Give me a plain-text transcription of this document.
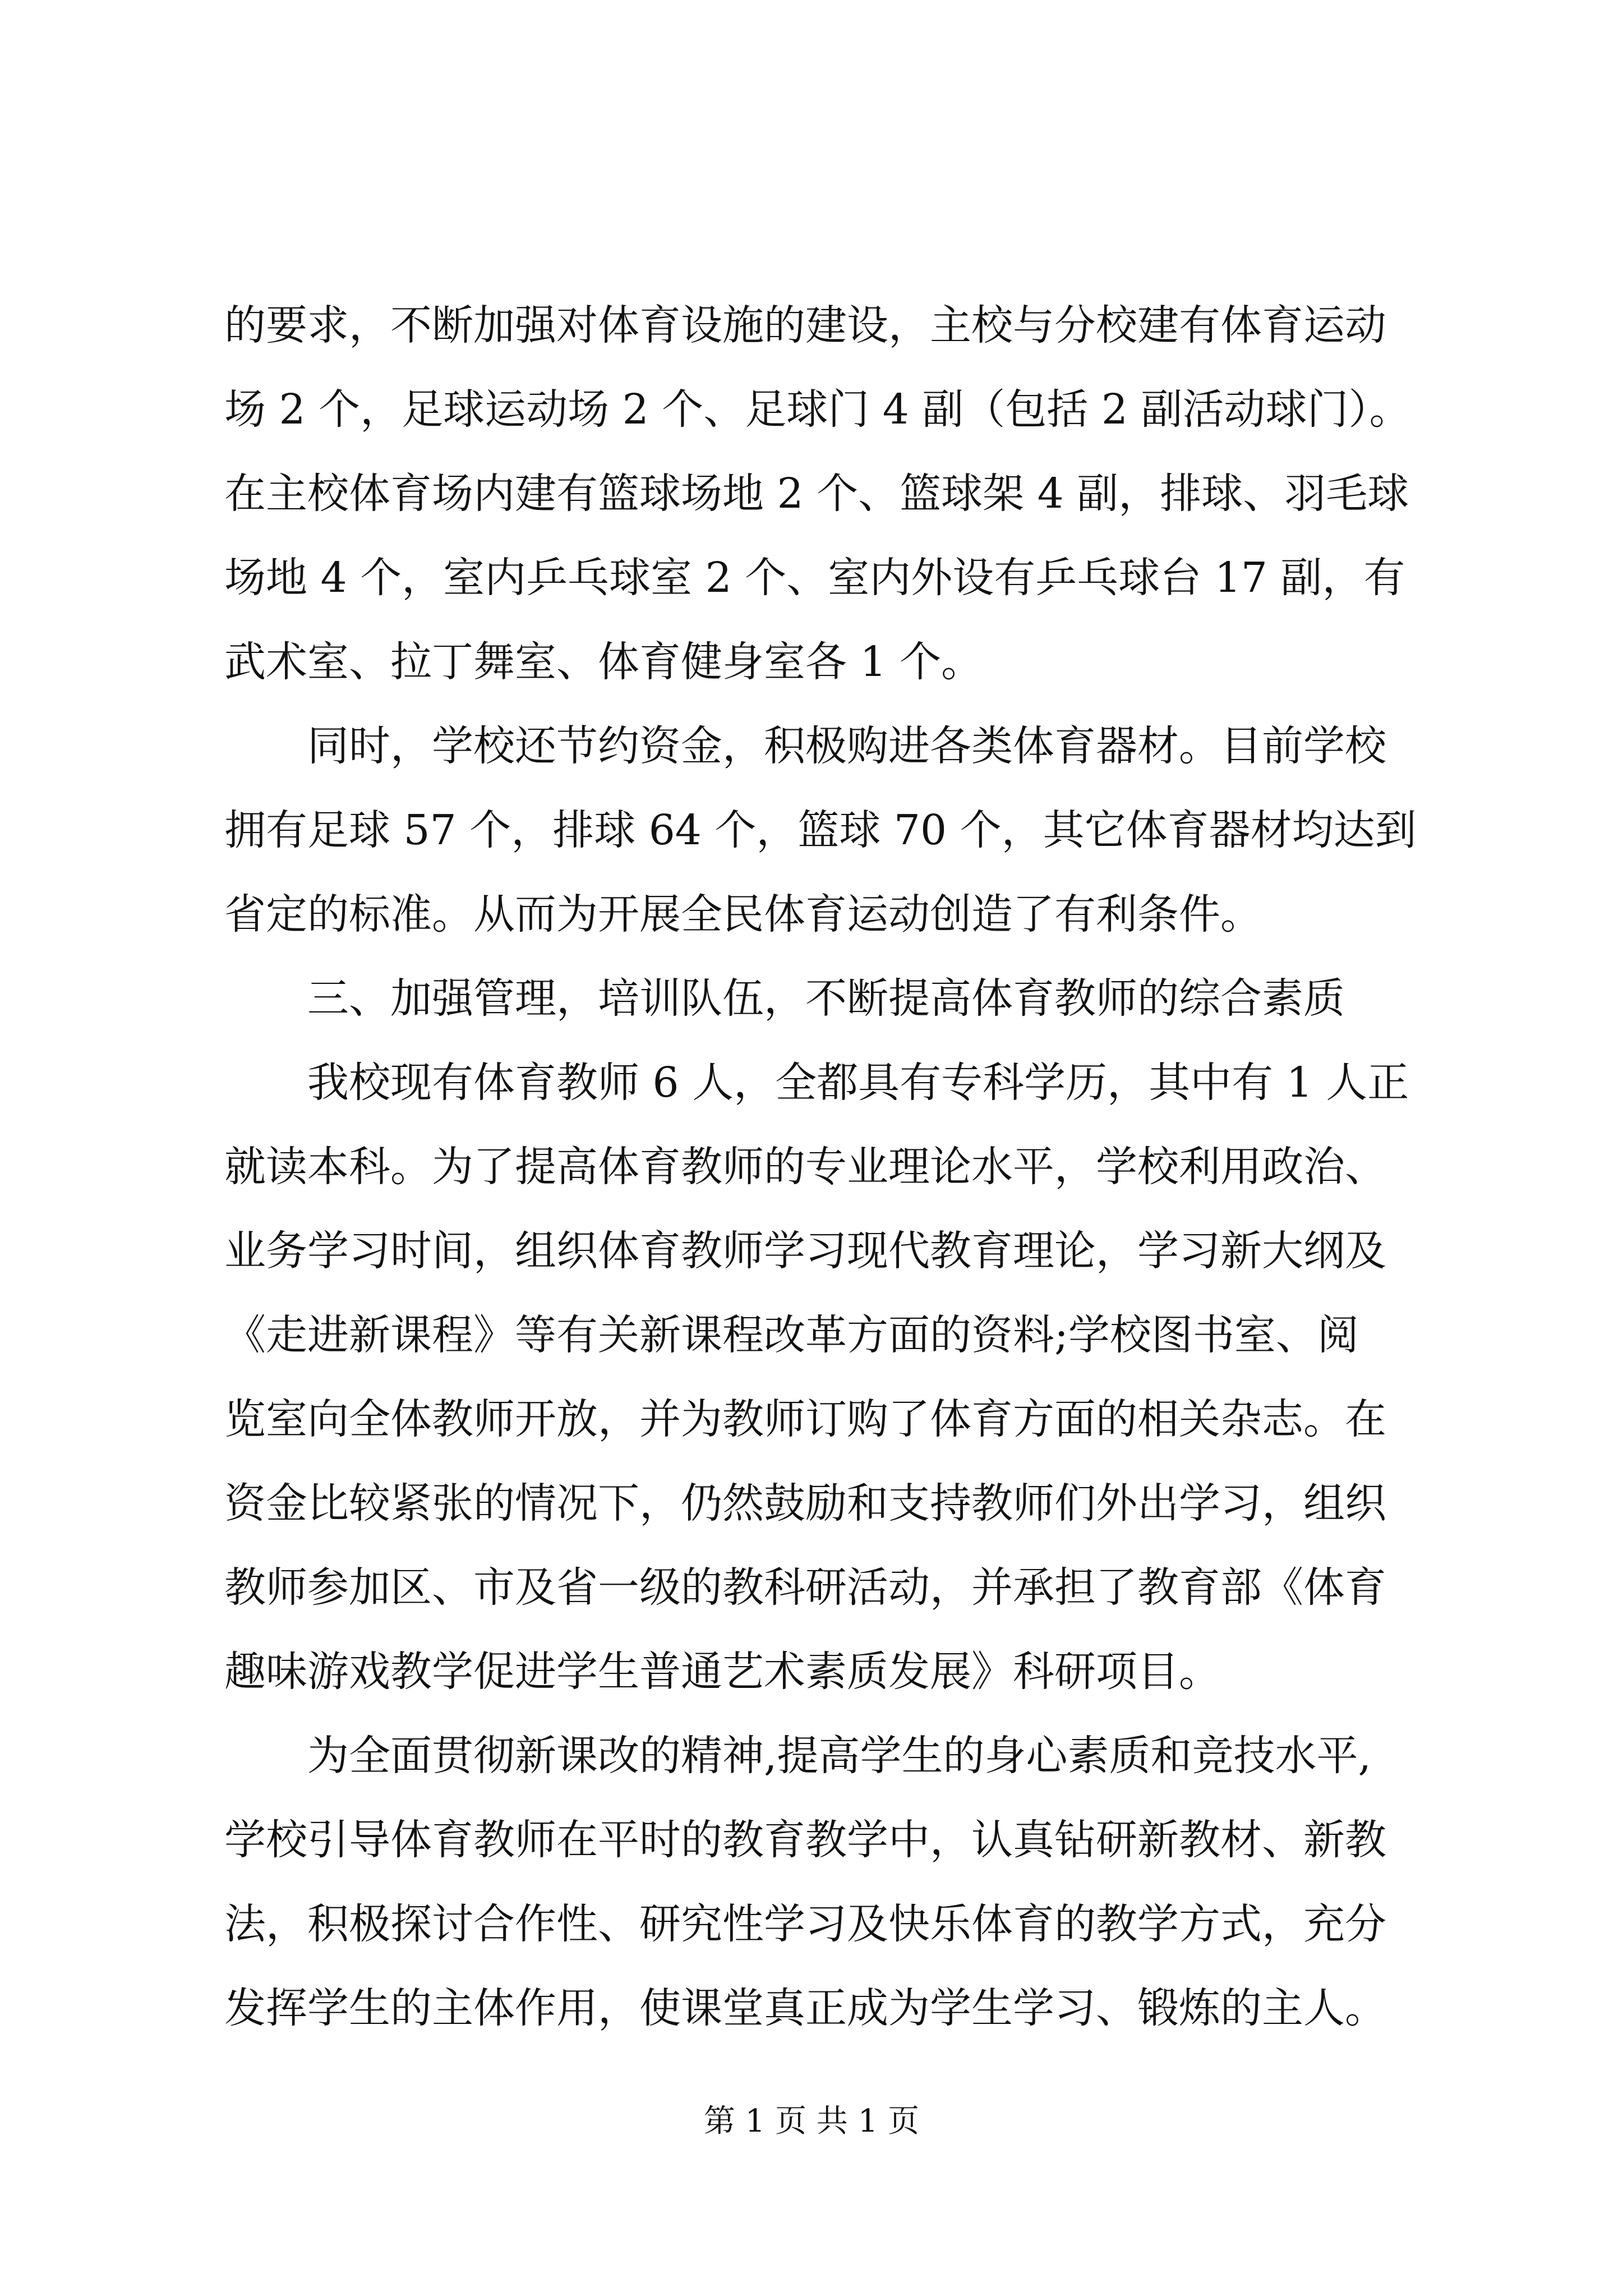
的要求，不断加强对体育设施的建设，主校与分校建有体育运动
场 2 个，足球运动场 2 个、足球门 4 副（包括 2 副活动球门）。
在主校体育场内建有篮球场地 2 个、篮球架 4 副，排球、羽毛球
场地 4 个，室内乒乓球室 2 个、室内外设有乒乓球台 17 副，有
武术室、拉丁舞室、体育健身室各 1 个。
同时，学校还节约资金，积极购进各类体育器材。目前学校
拥有足球 57 个，排球 64 个，篮球 70 个，其它体育器材均达到
省定的标准。从而为开展全民体育运动创造了有利条件。
三、加强管理，培训队伍，不断提高体育教师的综合素质
我校现有体育教师 6 人，全都具有专科学历，其中有 1 人正
就读本科。为了提高体育教师的专业理论水平，学校利用政治、
业务学习时间，组织体育教师学习现代教育理论，学习新大纲及
《走进新课程》等有关新课程改革方面的资料;学校图书室、阅
览室向全体教师开放，并为教师订购了体育方面的相关杂志。在
资金比较紧张的情况下，仍然鼓励和支持教师们外出学习，组织
教师参加区、市及省一级的教科研活动，并承担了教育部《体育
趣味游戏教学促进学生普通艺术素质发展》科研项目。
为全面贯彻新课改的精神,提高学生的身心素质和竞技水平,
学校引导体育教师在平时的教育教学中，认真钻研新教材、新教
法，积极探讨合作性、研究性学习及快乐体育的教学方式，充分
发挥学生的主体作用，使课堂真正成为学生学习、锻炼的主人。
第 1 页 共 1 页
